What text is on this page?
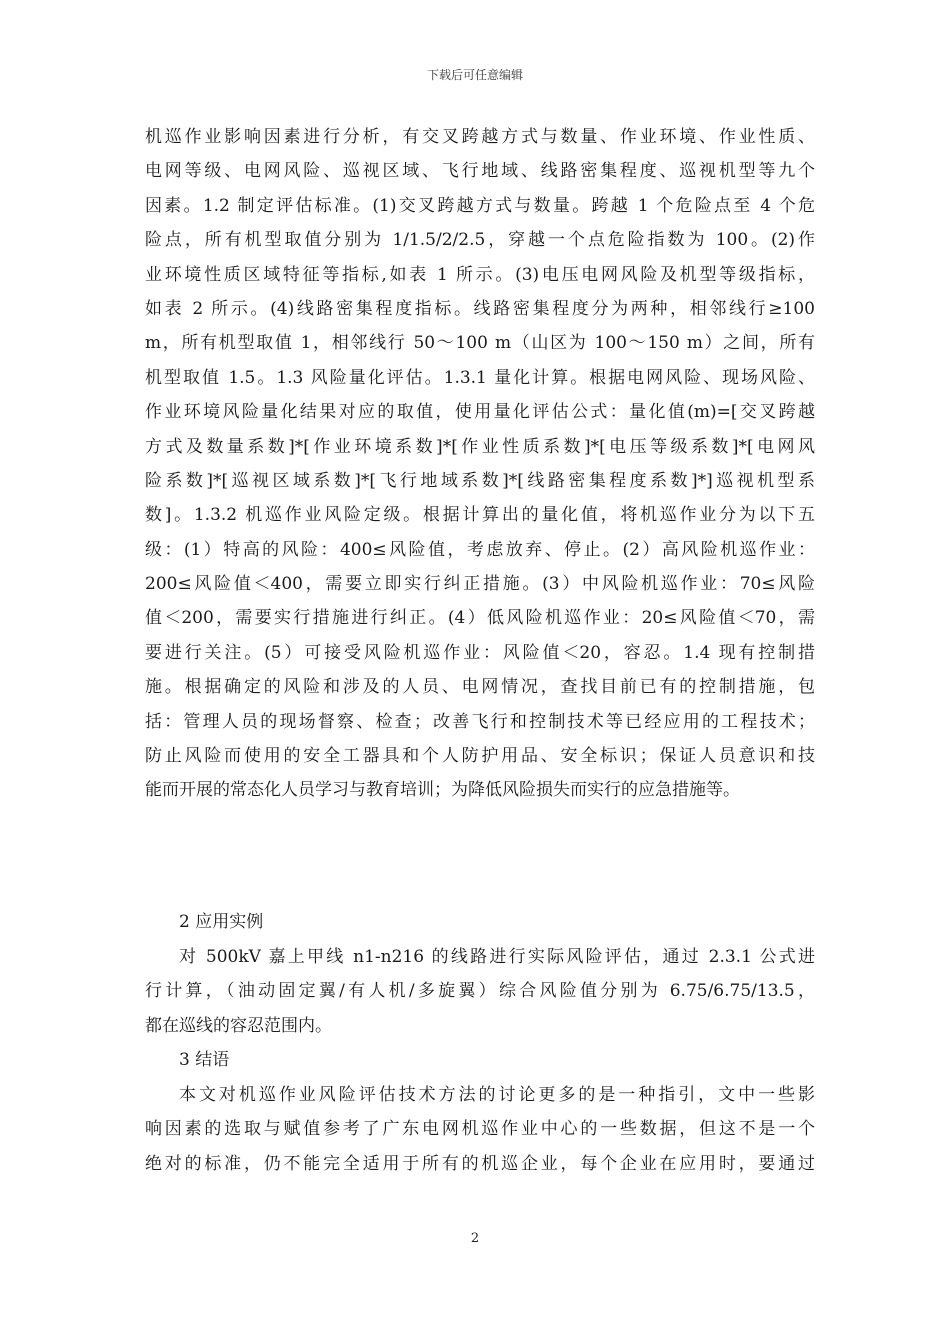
下载后可任意编辑
机巡作业影响因素进行分析，有交叉跨越方式与数量、作业环境、作业性质、
电网等级、电网风险、巡视区域、飞行地域、线路密集程度、巡视机型等九个
因素。1.2 制定评估标准。(1)交叉跨越方式与数量。跨越 1 个危险点至 4 个危
险点，所有机型取值分别为 1/1.5/2/2.5，穿越一个点危险指数为 100。(2)作
业环境性质区域特征等指标,如表 1 所示。(3)电压电网风险及机型等级指标，
如表 2 所示。(4)线路密集程度指标。线路密集程度分为两种，相邻线行≥100
m，所有机型取值 1，相邻线行 50～100 m（山区为 100～150 m）之间，所有
机型取值 1.5。1.3 风险量化评估。1.3.1 量化计算。根据电网风险、现场风险、
作业环境风险量化结果对应的取值，使用量化评估公式：量化值(m)=[交叉跨越
方式及数量系数]*[作业环境系数]*[作业性质系数]*[电压等级系数]*[电网风
险系数]*[巡视区域系数]*[飞行地域系数]*[线路密集程度系数]*]巡视机型系
数]。1.3.2 机巡作业风险定级。根据计算出的量化值，将机巡作业分为以下五
级：(1）特高的风险：400≤风险值，考虑放弃、停止。(2）高风险机巡作业：
200≤风险值＜400，需要立即实行纠正措施。(3）中风险机巡作业：70≤风险
值＜200，需要实行措施进行纠正。(4）低风险机巡作业：20≤风险值＜70，需
要进行关注。(5）可接受风险机巡作业：风险值＜20，容忍。1.4 现有控制措
施。根据确定的风险和涉及的人员、电网情况，查找目前已有的控制措施，包
括：管理人员的现场督察、检查；改善飞行和控制技术等已经应用的工程技术；
防止风险而使用的安全工器具和个人防护用品、安全标识；保证人员意识和技
能而开展的常态化人员学习与教育培训；为降低风险损失而实行的应急措施等。
2 应用实例
对 500kV 嘉上甲线 n1-n216 的线路进行实际风险评估，通过 2.3.1 公式进
行计算，（油动固定翼/有人机/多旋翼）综合风险值分别为 6.75/6.75/13.5，
都在巡线的容忍范围内。
3 结语
本文对机巡作业风险评估技术方法的讨论更多的是一种指引，文中一些影
响因素的选取与赋值参考了广东电网机巡作业中心的一些数据，但这不是一个
绝对的标准，仍不能完全适用于所有的机巡企业，每个企业在应用时，要通过
2
